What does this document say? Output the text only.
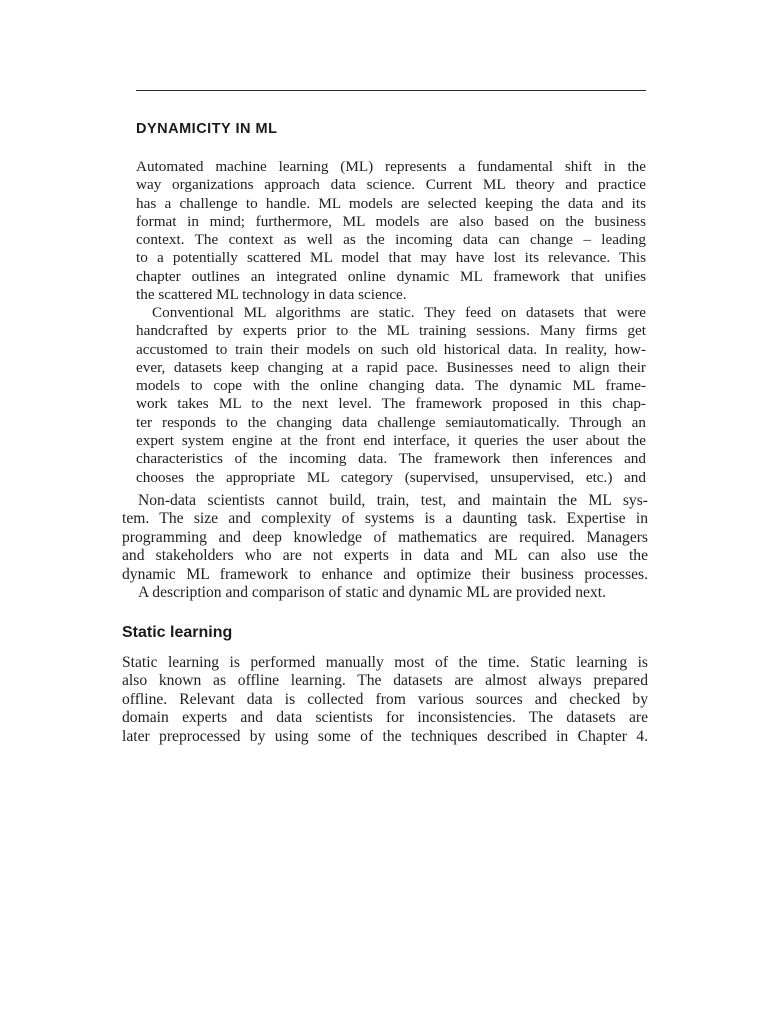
DYNAMICITY IN ML

Automated machine learning (ML) represents a fundamental shift in the
way organizations approach data science. Current ML theory and practice
has a challenge to handle. ML models are selected keeping the data and its
format in mind; furthermore, ML models are also based on the business
context. The context as well as the incoming data can change – leading
to a potentially scattered ML model that may have lost its relevance. This
chapter outlines an integrated online dynamic ML framework that unifies
the scattered ML technology in data science.

Conventional ML algorithms are static. They feed on datasets that were
handcrafted by experts prior to the ML training sessions. Many firms get
accustomed to train their models on such old historical data. In reality, how-
ever, datasets keep changing at a rapid pace. Businesses need to align their
models to cope with the online changing data. The dynamic ML frame-
work takes ML to the next level. The framework proposed in this chap-
ter responds to the changing data challenge semiautomatically. Through an
expert system engine at the front end interface, it queries the user about the
characteristics of the incoming data. The framework then inferences and
chooses the appropriate ML category (supervised, unsupervised, etc.) and

Non-data scientists cannot build, train, test, and maintain the ML sys-
tem. The size and complexity of systems is a daunting task. Expertise in
programming and deep knowledge of mathematics are required. Managers
and stakeholders who are not experts in data and ML can also use the
dynamic ML framework to enhance and optimize their business processes.
A description and comparison of static and dynamic ML are provided next.

Static learning

Static learning is performed manually most of the time. Static learning is
also known as offline learning. The datasets are almost always prepared
offline. Relevant data is collected from various sources and checked by
domain experts and data scientists for inconsistencies. The datasets are
later preprocessed by using some of the techniques described in Chapter 4.
